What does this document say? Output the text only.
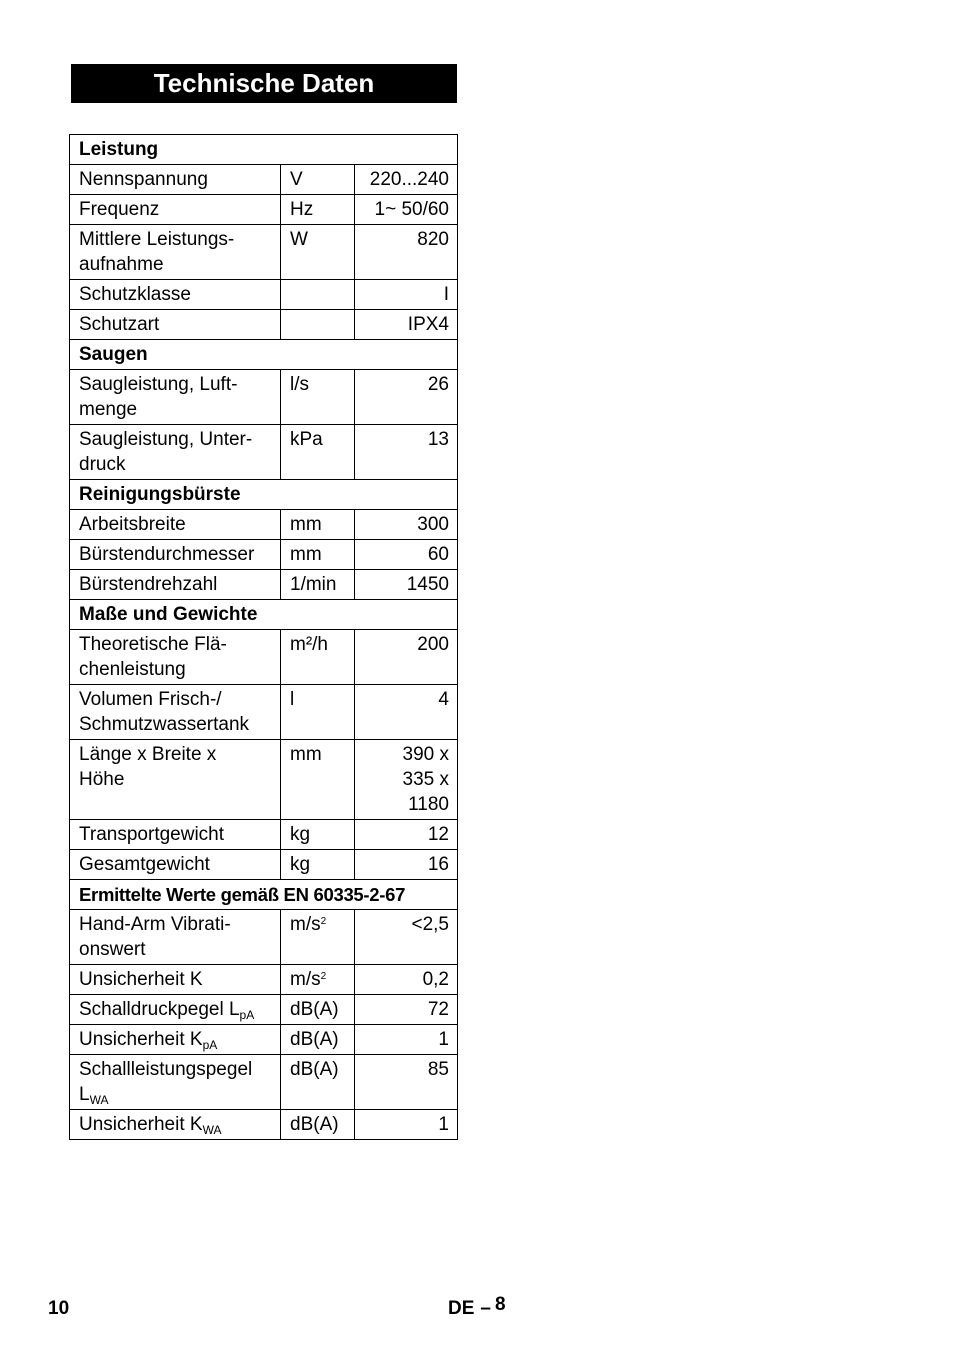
Technische Daten
Leistung		
Nennspannung	V	220...240
Frequenz	Hz	1~ 50/60
Mittlere Leistungs-
aufnahme	W	820
Schutzklasse		I
Schutzart		IPX4
Saugen		
Saugleistung, Luft-
menge	l/s	26
Saugleistung, Unter-
druck	kPa	13
Reinigungsbürste		
Arbeitsbreite	mm	300
Bürstendurchmesser	mm	60
Bürstendrehzahl	1/min	1450
Maße und Gewichte		
Theoretische Flä-
chenleistung	m²/h	200
Volumen Frisch-/
Schmutzwassertank	l	4
Länge x Breite x
Höhe	mm	390 x
335 x
1180
Transportgewicht	kg	12
Gesamtgewicht	kg	16
Ermittelte Werte gemäß EN 60335-2-67		
Hand-Arm Vibrati-
onswert	$m/s^2$	<2,5
Unsicherheit K	$m/s^2$	0,2
Schalldruckpegel $L_{pA}$	dB(A)	72
Unsicherheit $K_{pA}$	dB(A)	1
Schallleistungspegel
$L_{WA}$	dB(A)	85
Unsicherheit $K_{WA}$	dB(A)	1
10	DE – 8
